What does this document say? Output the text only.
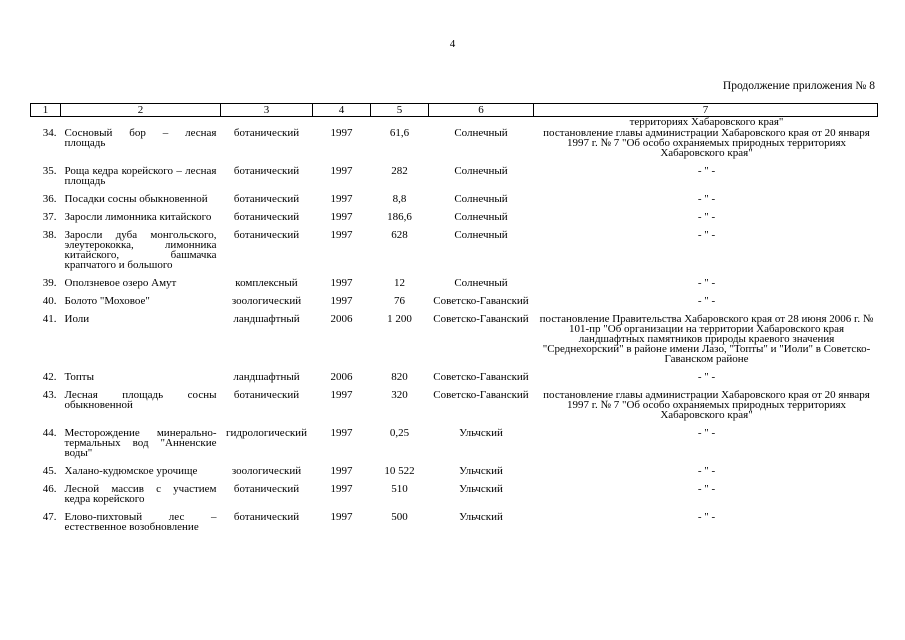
4
Продолжение приложения № 8
1	2	3	4	5	6	7
						территориях Хабаровского края"
34.	Сосновый бор – лесная площадь	ботанический	1997	61,6	Солнечный	постановление главы администрации Хабаровского края от 20 января 1997 г. № 7 "Об особо охраняемых природных территориях Хабаровского края"
35.	Роща кедра корейского – лесная площадь	ботанический	1997	282	Солнечный	- " -
36.	Посадки сосны обыкновенной	ботанический	1997	8,8	Солнечный	- " -
37.	Заросли лимонника китайского	ботанический	1997	186,6	Солнечный	- " -
38.	Заросли дуба монгольского, элеутерококка, лимонника китайского, башмачка крапчатого и большого	ботанический	1997	628	Солнечный	- " -
39.	Оползневое озеро Амут	комплексный	1997	12	Солнечный	- " -
40.	Болото "Моховое"	зоологический	1997	76	Советско-Гаванский	- " -
41.	Иоли	ландшафтный	2006	1 200	Советско-Гаванский	постановление Правительства Хабаровского края от 28 июня 2006 г. № 101-пр "Об организации на территории Хабаровского края ландшафтных памятников природы краевого значения "Среднехорский" в районе имени Лазо, "Топты" и "Иоли" в Советско-Гаванском районе
42.	Топты	ландшафтный	2006	820	Советско-Гаванский	- " -
43.	Лесная площадь сосны обыкновенной	ботанический	1997	320	Советско-Гаванский	постановление главы администрации Хабаровского края от 20 января 1997 г. № 7 "Об особо охраняемых природных территориях Хабаровского края"
44.	Месторождение минерально-термальных вод "Анненские воды"	гидрологический	1997	0,25	Ульчский	- " -
45.	Халано-кудюмское урочище	зоологический	1997	10 522	Ульчский	- " -
46.	Лесной массив с участием кедра корейского	ботанический	1997	510	Ульчский	- " -
47.	Елово-пихтовый лес – естественное возобновление	ботанический	1997	500	Ульчский	- " -
